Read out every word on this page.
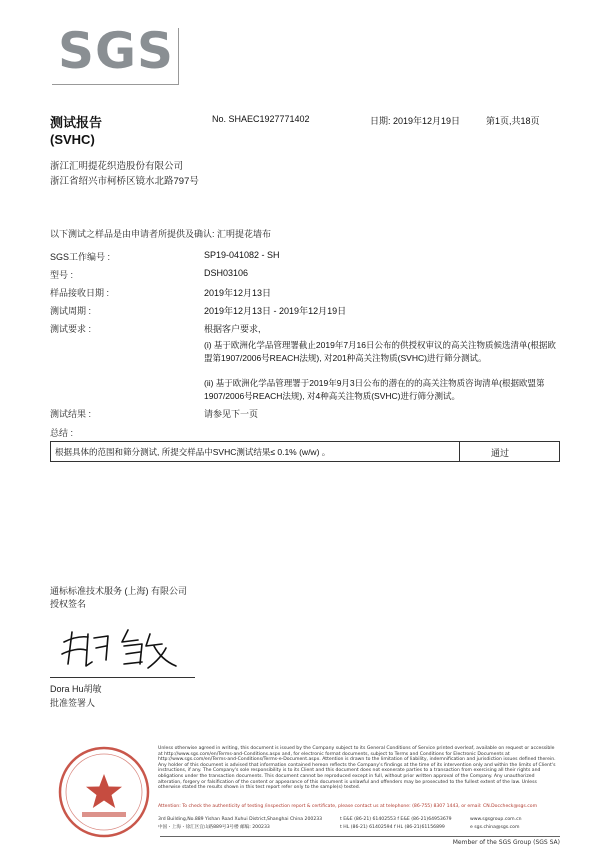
SGS
测试报告
(SVHC)
No. SHAEC1927771402	日期: 2019年12月19日	第1页,共18页
浙江汇明提花织造股份有限公司
浙江省绍兴市柯桥区镜水北路797号
以下测试之样品是由申请者所提供及确认: 汇明提花墙布
SGS工作编号 :	SP19-041082 - SH
型号 :	DSH03106
样品接收日期 :	2019年12月13日
测试周期 :	2019年12月13日 - 2019年12月19日
测试要求 :	根据客户要求,
(i) 基于欧洲化学品管理署截止2019年7月16日公布的供授权审议的高关注物质候选清单(根据欧盟第1907/2006号REACH法规), 对201种高关注物质(SVHC)进行筛分测试。
(ii) 基于欧洲化学品管理署于2019年9月3日公布的潜在的的高关注物质咨询清单(根据欧盟第1907/2006号REACH法规), 对4种高关注物质(SVHC)进行筛分测试。
测试结果 :	请参见下一页
总结 :
根据具体的范围和筛分测试, 所提交样品中SVHC测试结果≤ 0.1% (w/w) 。	通过
通标标准技术服务 (上海) 有限公司
授权签名
Dora Hu胡敏
批准签署人
Unless otherwise agreed in writing, this document is issued by the Company subject to its General Conditions of Service printed overleaf, available on request or accessible at http://www.sgs.com/en/Terms-and-Conditions.aspx and, for electronic format documents, subject to Terms and Conditions for Electronic Documents at http://www.sgs.com/en/Terms-and-Conditions/Terms-e-Document.aspx. Attention is drawn to the limitation of liability, indemnification and jurisdiction issues defined therein. Any holder of this document is advised that information contained hereon reflects the Company's findings at the time of its intervention only and within the limits of Client's instructions, if any. The Company's sole responsibility is to its Client and this document does not exonerate parties to a transaction from exercising all their rights and obligations under the transaction documents. This document cannot be reproduced except in full, without prior written approval of the Company. Any unauthorized alteration, forgery or falsification of the content or appearance of this document is unlawful and offenders may be prosecuted to the fullest extent of the law. Unless otherwise stated the results shown in this test report refer only to the sample(s) tested.
Attention: To check the authenticity of testing /inspection report & certificate, please contact us at telephone: (86-755) 8307 1443, or email: CN.Doccheck@sgs.com
3rd Building,No.889 Yishan Road Xuhui District,Shanghai China 200233
中国・上海・徐汇区宜山路889号3号楼 邮编: 200233
t E&E (86-21) 61402553 f E&E (86-21)64953679
t HL (86-21) 61402594 f HL (86-21)61156899
www.sgsgroup.com.cn
e sgs.china@sgs.com
Member of the SGS Group (SGS SA)
